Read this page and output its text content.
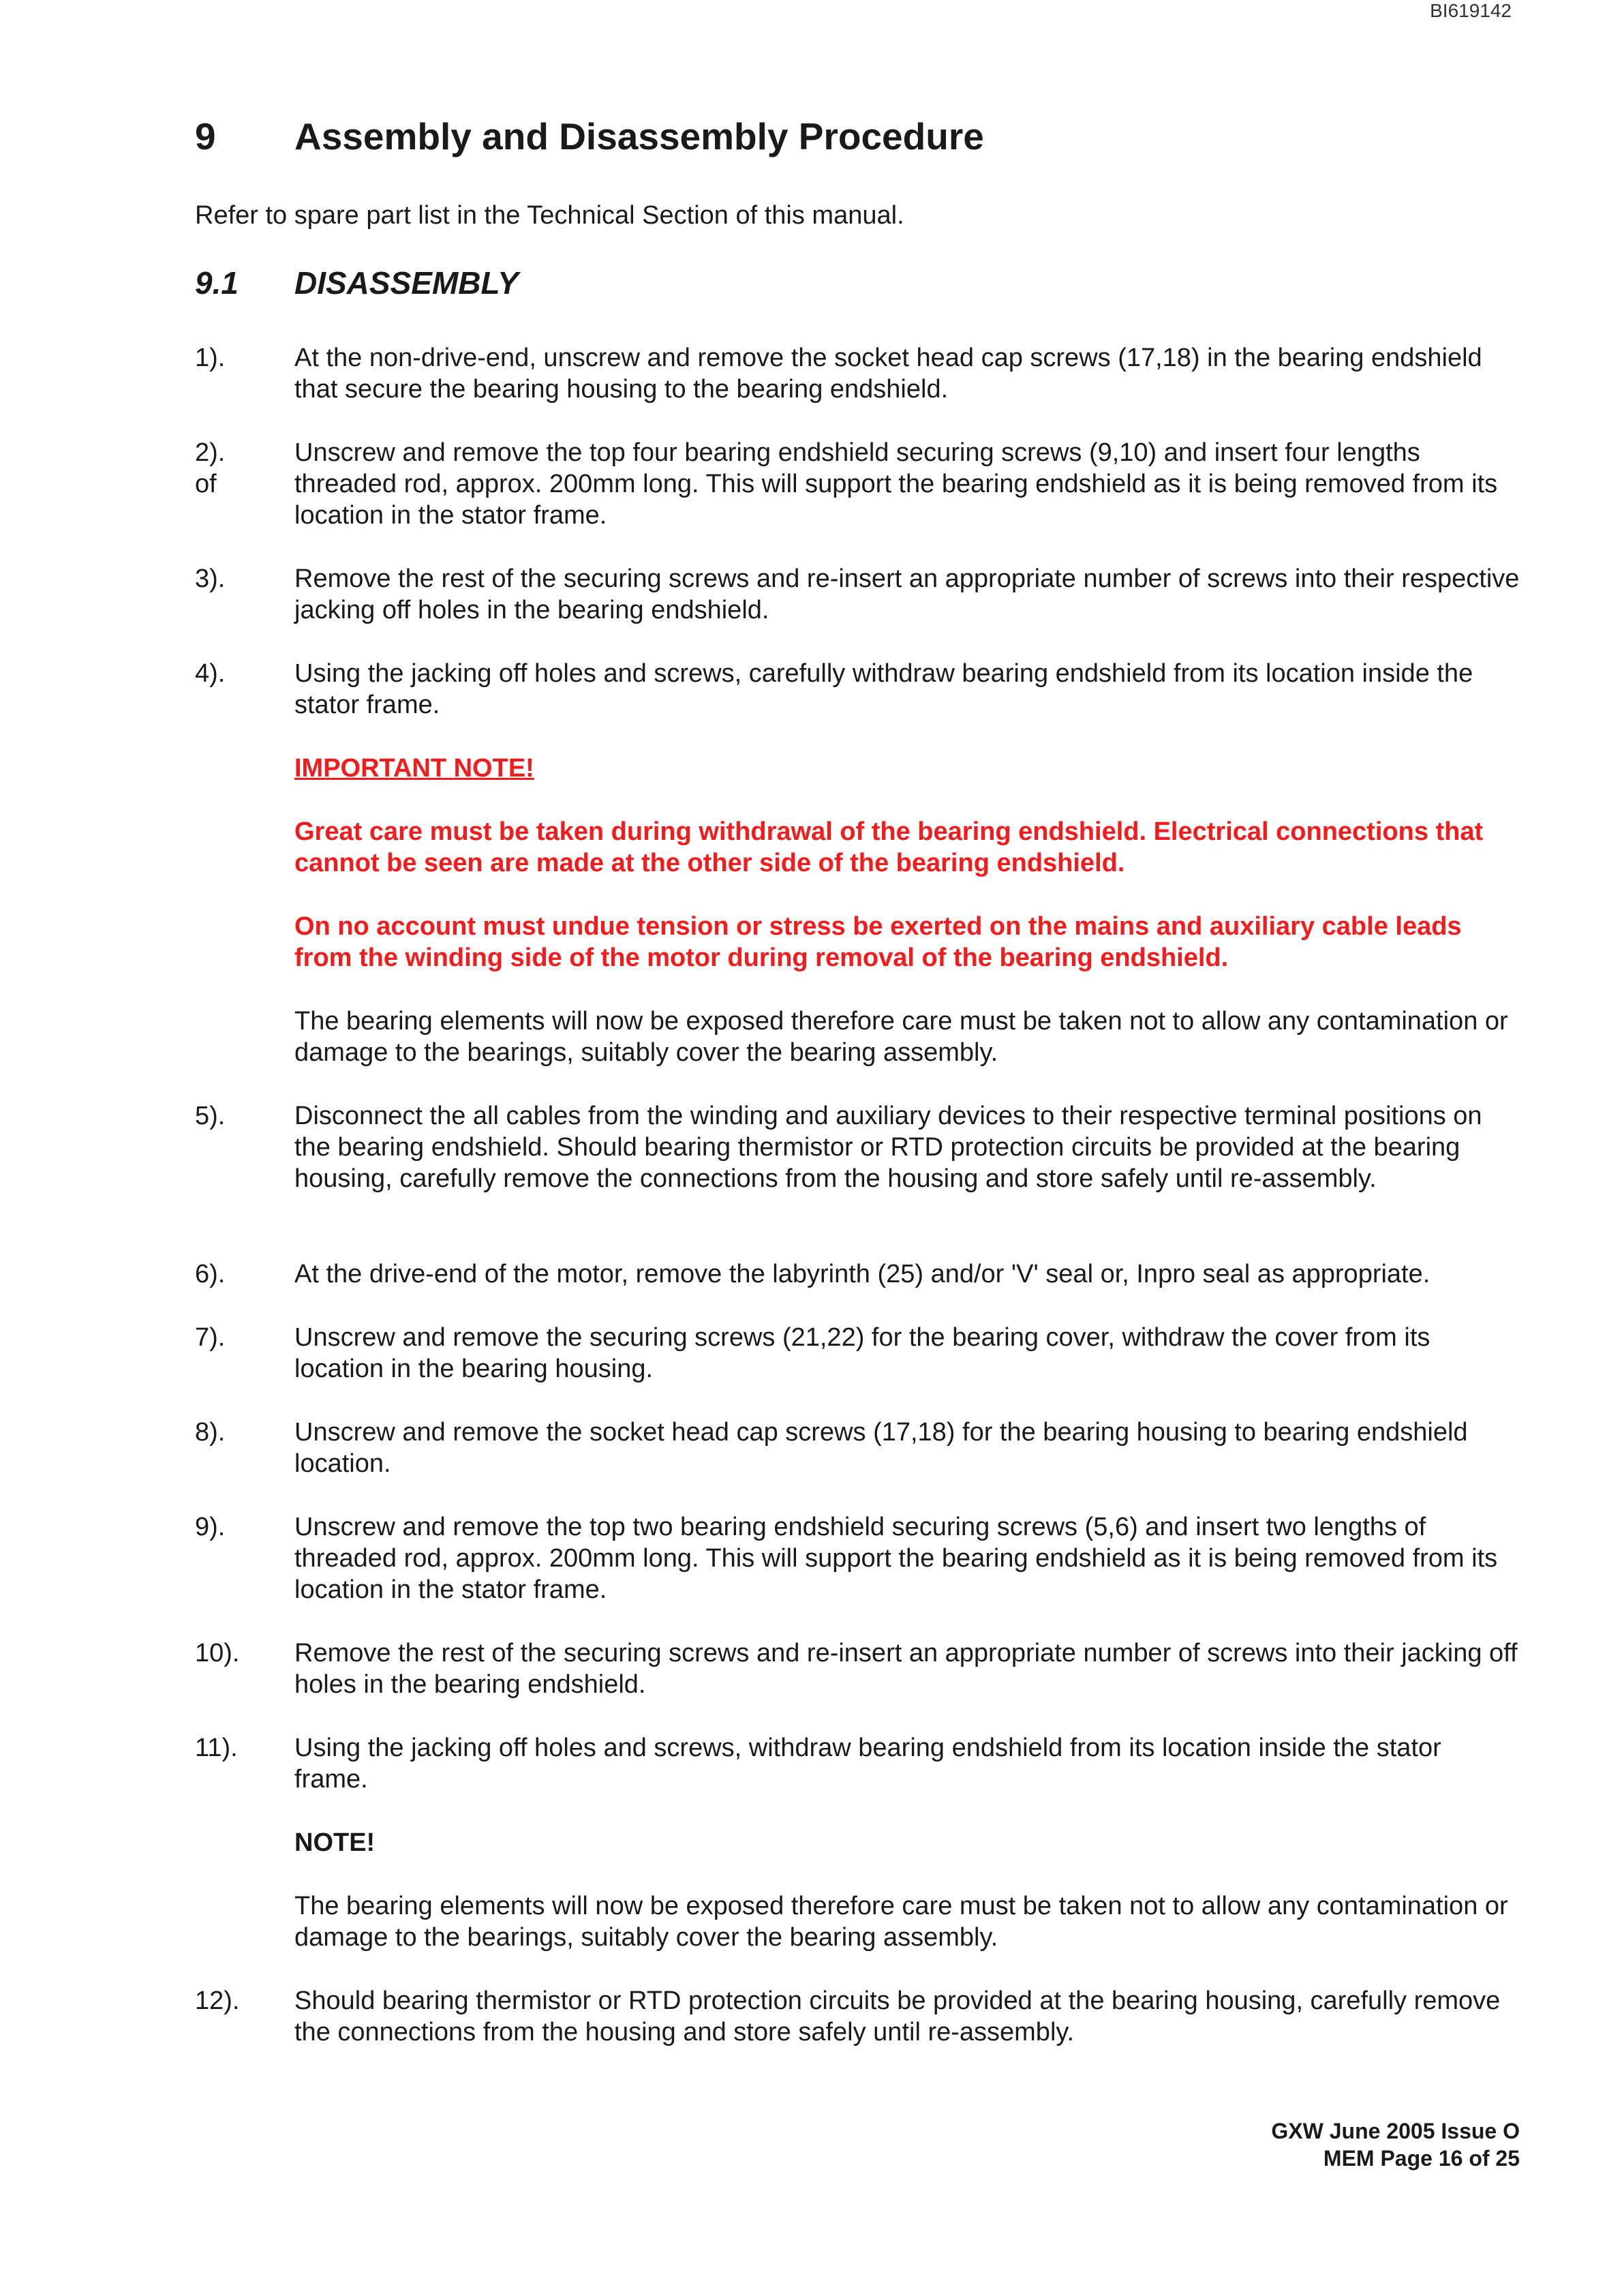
BI619142
9 Assembly and Disassembly Procedure

Refer to spare part list in the Technical Section of this manual.

9.1 DISASSEMBLY
1).	At the non-drive-end, unscrew and remove the socket head cap screws (17,18) in the bearing endshield that secure the bearing housing to the bearing endshield.
2).
of
Unscrew and remove the top four bearing endshield securing screws (9,10) and insert four lengths threaded rod, approx. 200mm long. This will support the bearing endshield as it is being removed from its location in the stator frame.
3).	Remove the rest of the securing screws and re-insert an appropriate number of screws into their respective jacking off holes in the bearing endshield.
4).	Using the jacking off holes and screws, carefully withdraw bearing endshield from its location inside the stator frame.

IMPORTANT NOTE!

Great care must be taken during withdrawal of the bearing endshield. Electrical connections that cannot be seen are made at the other side of the bearing endshield.

On no account must undue tension or stress be exerted on the mains and auxiliary cable leads from the winding side of the motor during removal of the bearing endshield.

The bearing elements will now be exposed therefore care must be taken not to allow any contamination or damage to the bearings, suitably cover the bearing assembly.

5).	Disconnect the all cables from the winding and auxiliary devices to their respective terminal positions on the bearing endshield. Should bearing thermistor or RTD protection circuits be provided at the bearing housing, carefully remove the connections from the housing and store safely until re-assembly.
6).	At the drive-end of the motor, remove the labyrinth (25) and/or 'V' seal or, Inpro seal as appropriate.
7).	Unscrew and remove the securing screws (21,22) for the bearing cover, withdraw the cover from its location in the bearing housing.
8).	Unscrew and remove the socket head cap screws (17,18) for the bearing housing to bearing endshield location.
9).	Unscrew and remove the top two bearing endshield securing screws (5,6) and insert two lengths of threaded rod, approx. 200mm long. This will support the bearing endshield as it is being removed from its location in the stator frame.
10).	Remove the rest of the securing screws and re-insert an appropriate number of screws into their jacking off holes in the bearing endshield.
11).	Using the jacking off holes and screws, withdraw bearing endshield from its location inside the stator frame.

NOTE!

The bearing elements will now be exposed therefore care must be taken not to allow any contamination or damage to the bearings, suitably cover the bearing assembly.

12).	Should bearing thermistor or RTD protection circuits be provided at the bearing housing, carefully remove the connections from the housing and store safely until re-assembly.
GXW June 2005 Issue O
MEM Page 16 of 25
